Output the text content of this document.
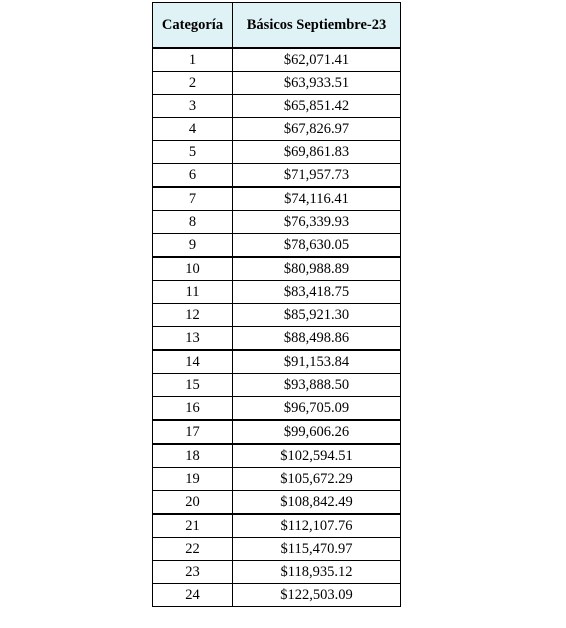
Categoría	Básicos Septiembre-23
1	$62,071.41
2	$63,933.51
3	$65,851.42
4	$67,826.97
5	$69,861.83
6	$71,957.73
7	$74,116.41
8	$76,339.93
9	$78,630.05
10	$80,988.89
11	$83,418.75
12	$85,921.30
13	$88,498.86
14	$91,153.84
15	$93,888.50
16	$96,705.09
17	$99,606.26
18	$102,594.51
19	$105,672.29
20	$108,842.49
21	$112,107.76
22	$115,470.97
23	$118,935.12
24	$122,503.09
